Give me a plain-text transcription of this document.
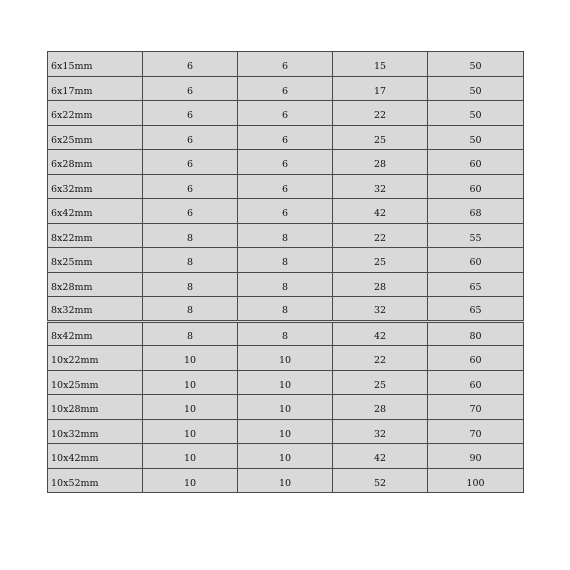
6x15mm	6	6	15	50
6x17mm	6	6	17	50
6x22mm	6	6	22	50
6x25mm	6	6	25	50
6x28mm	6	6	28	60
6x32mm	6	6	32	60
6x42mm	6	6	42	68
8x22mm	8	8	22	55
8x25mm	8	8	25	60
8x28mm	8	8	28	65
8x32mm	8	8	32	65
8x42mm	8	8	42	80
10x22mm	10	10	22	60
10x25mm	10	10	25	60
10x28mm	10	10	28	70
10x32mm	10	10	32	70
10x42mm	10	10	42	90
10x52mm	10	10	52	100
